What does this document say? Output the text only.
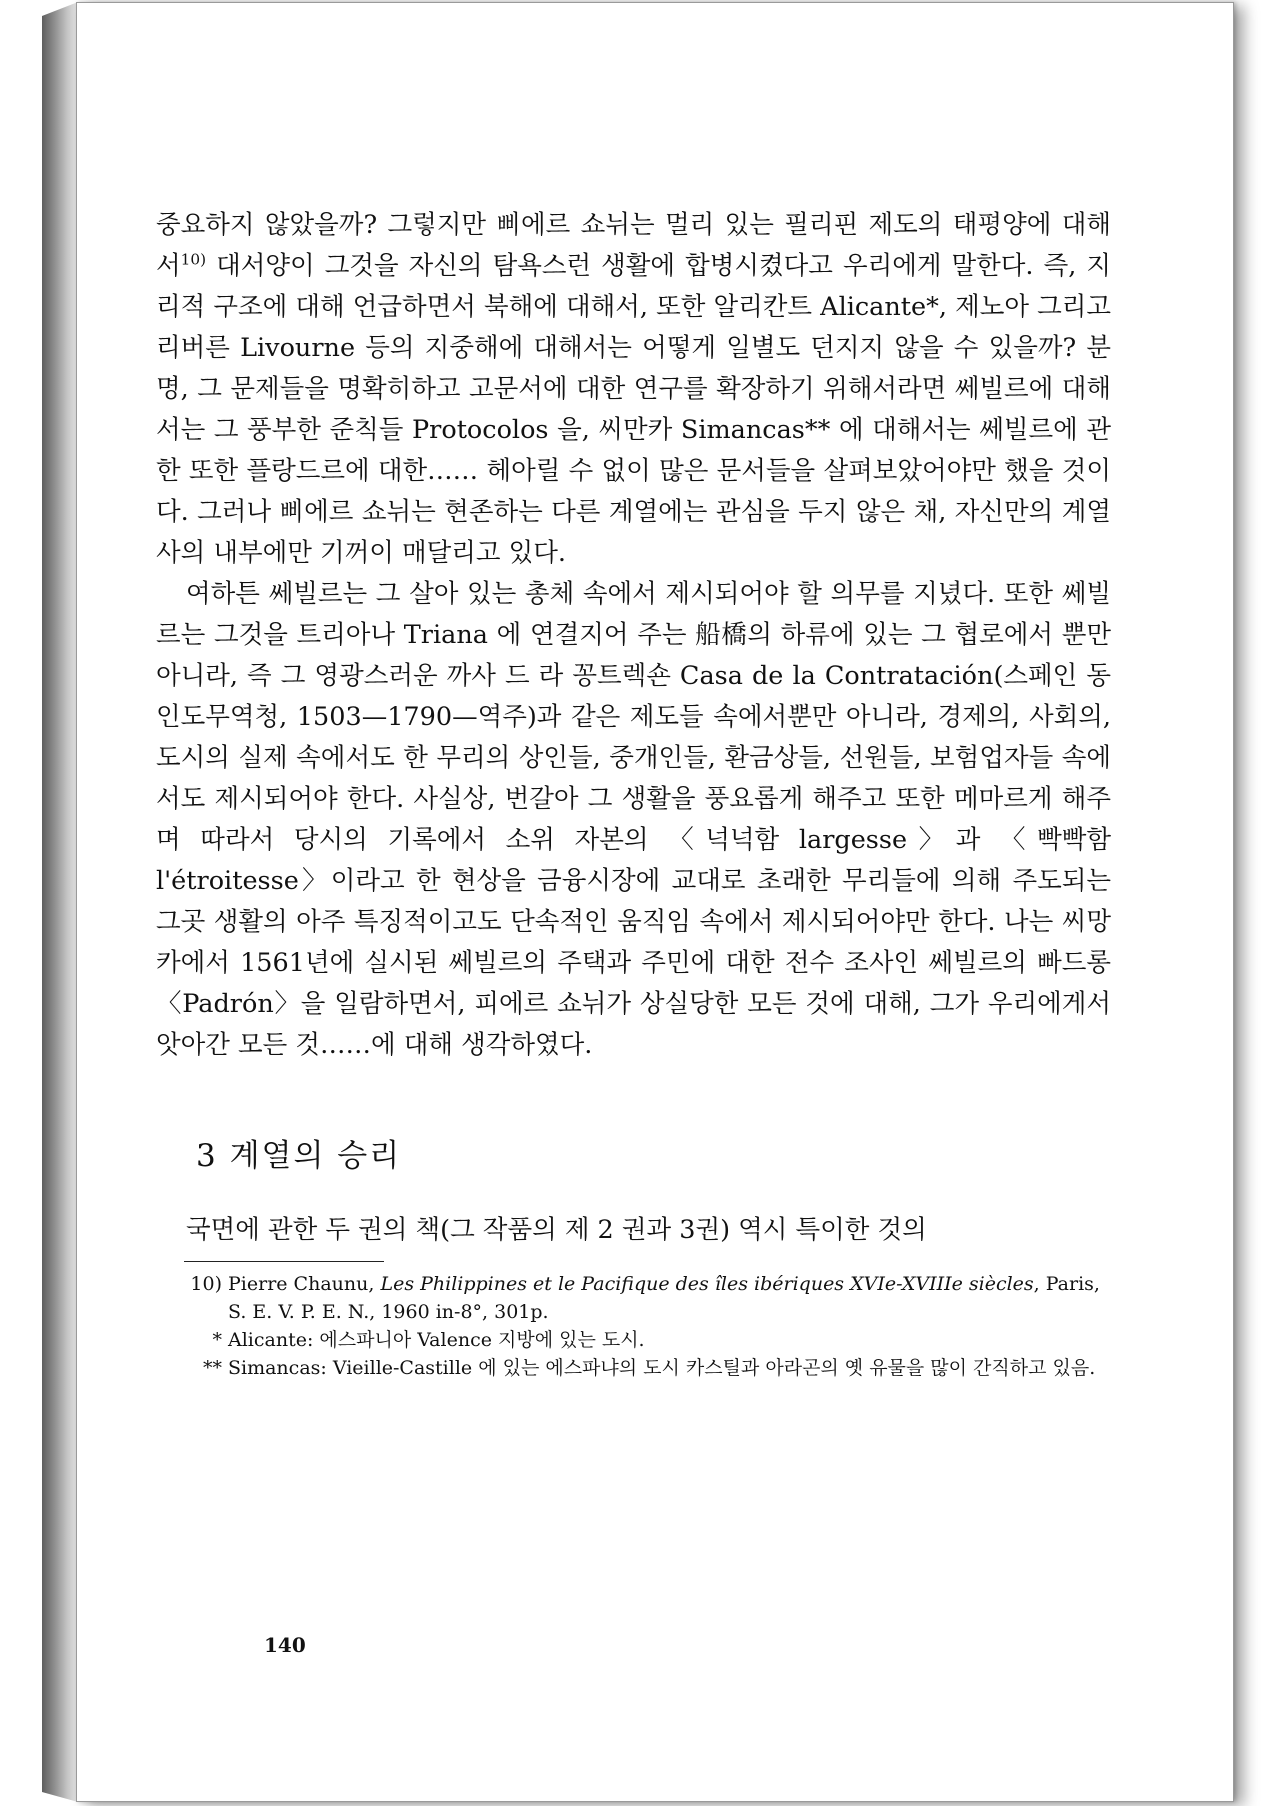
중요하지 않았을까? 그렇지만 삐에르 쇼뉘는 멀리 있는 필리핀 제도의 태평양에 대해서$^{10)}$ 대서양이 그것을 자신의 탐욕스런 생활에 합병시켰다고 우리에게 말한다. 즉, 지리적 구조에 대해 언급하면서 북해에 대해서, 또한 알리칸트 Alicante*, 제노아 그리고 리버른 Livourne 등의 지중해에 대해서는 어떻게 일별도 던지지 않을 수 있을까? 분명, 그 문제들을 명확히하고 고문서에 대한 연구를 확장하기 위해서라면 쎄빌르에 대해서는 그 풍부한 준칙들 Protocolos 을, 씨만카 Simancas** 에 대해서는 쎄빌르에 관한 또한 플랑드르에 대한…… 헤아릴 수 없이 많은 문서들을 살펴보았어야만 했을 것이다. 그러나 삐에르 쇼뉘는 현존하는 다른 계열에는 관심을 두지 않은 채, 자신만의 계열사의 내부에만 기꺼이 매달리고 있다.

여하튼 쎄빌르는 그 살아 있는 총체 속에서 제시되어야 할 의무를 지녔다. 또한 쎄빌르는 그것을 트리아나 Triana 에 연결지어 주는 船橋의 하류에 있는 그 협로에서 뿐만 아니라, 즉 그 영광스러운 까사 드 라 꽁트렉숀 Casa de la Contratación(스페인 동인도무역청, 1503—1790—역주)과 같은 제도들 속에서뿐만 아니라, 경제의, 사회의, 도시의 실제 속에서도 한 무리의 상인들, 중개인들, 환금상들, 선원들, 보험업자들 속에서도 제시되어야 한다. 사실상, 번갈아 그 생활을 풍요롭게 해주고 또한 메마르게 해주며 따라서 당시의 기록에서 소위 자본의 〈넉넉함 largesse〉과 〈빡빡함 l'étroitesse〉이라고 한 현상을 금융시장에 교대로 초래한 무리들에 의해 주도되는 그곳 생활의 아주 특징적이고도 단속적인 움직임 속에서 제시되어야만 한다. 나는 씨망카에서 1561년에 실시된 쎄빌르의 주택과 주민에 대한 전수 조사인 쎄빌르의 빠드롱 〈Padrón〉을 일람하면서, 피에르 쇼뉘가 상실당한 모든 것에 대해, 그가 우리에게서 앗아간 모든 것……에 대해 생각하였다.

3 계열의 승리
국면에 관한 두 권의 책(그 작품의 제 2 권과 3권) 역시 특이한 것의
10) Pierre Chaunu, Les Philippines et le Pacifique des îles ibériques XVIe-XVIIIe siècles, Paris, S. E. V. P. E. N., 1960 in-8°, 301p.
* Alicante: 에스파니아 Valence 지방에 있는 도시.
** Simancas: Vieille-Castille 에 있는 에스파냐의 도시 카스틸과 아라곤의 옛 유물을 많이 간직하고 있음.
140
